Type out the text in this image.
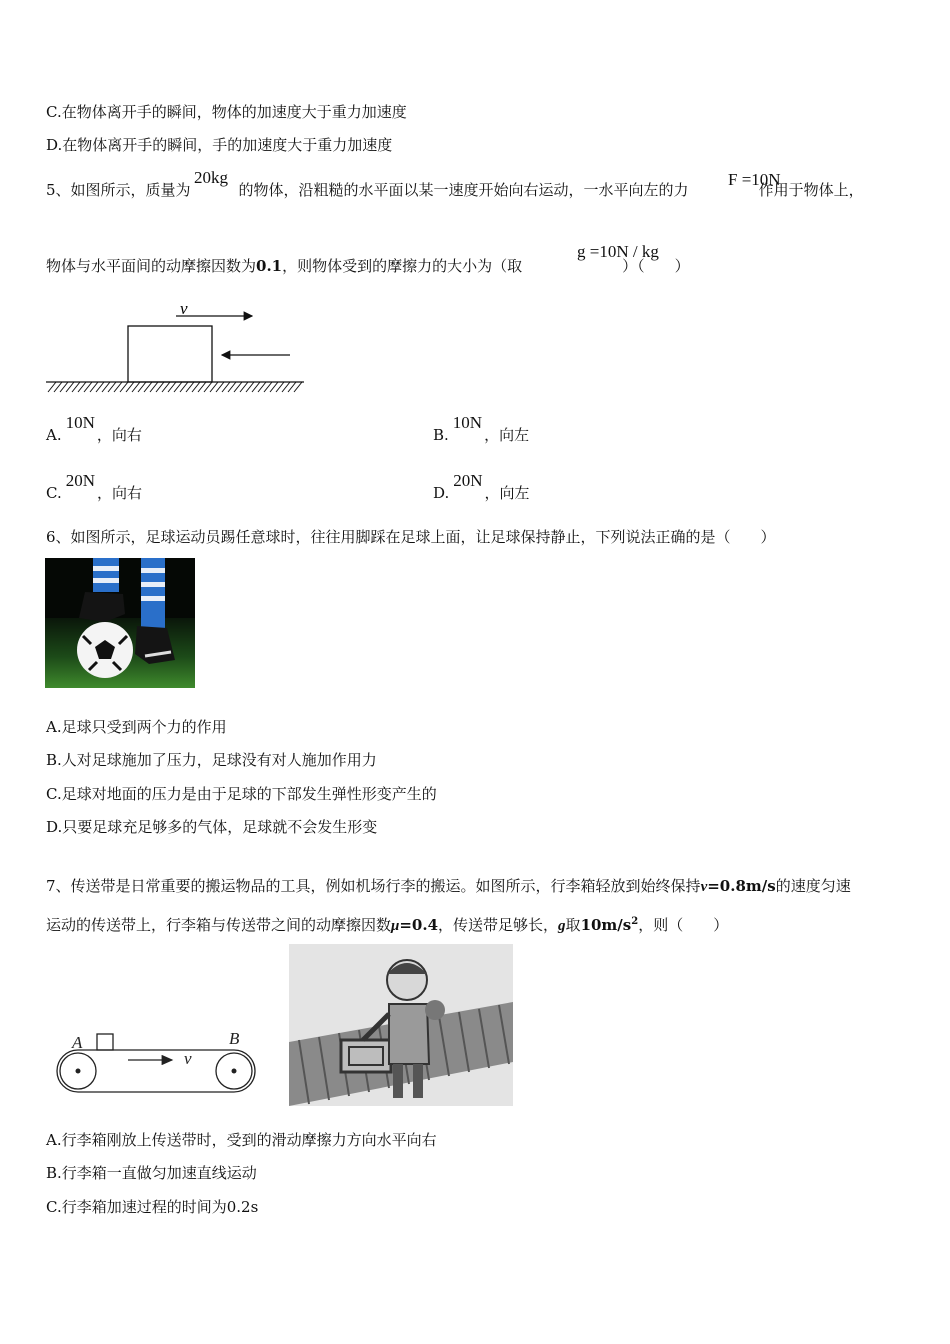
C.在物体离开手的瞬间，物体的加速度大于重力加速度
D.在物体离开手的瞬间，手的加速度大于重力加速度
5、如图所示，质量为	的物体，沿粗糙的水平面以某一速度开始向右运动，一水平向左的力	作用于物体上，
20kg	F =10N
物体与水平面间的动摩擦因数为0.1，则物体受到的摩擦力的大小为（取	）（　　）
g =10N / kg
v
A.10N，向右	B.10N，向左
C.20N，向右	D.20N，向左
6、如图所示，足球运动员踢任意球时，往往用脚踩在足球上面，让足球保持静止，下列说法正确的是（　　）
A.足球只受到两个力的作用
B.人对足球施加了压力，足球没有对人施加作用力
C.足球对地面的压力是由于足球的下部发生弹性形变产生的
D.只要足球充足够多的气体，足球就不会发生形变
7、传送带是日常重要的搬运物品的工具，例如机场行李的搬运。如图所示，行李箱轻放到始终保持v=0.8m/s的速度匀速
运动的传送带上，行李箱与传送带之间的动摩擦因数μ=0.4，传送带足够长，g取$10m/s^2$，则（　　）
A	B
v
A.行李箱刚放上传送带时，受到的滑动摩擦力方向水平向右
B.行李箱一直做匀加速直线运动
C.行李箱加速过程的时间为0.2s
